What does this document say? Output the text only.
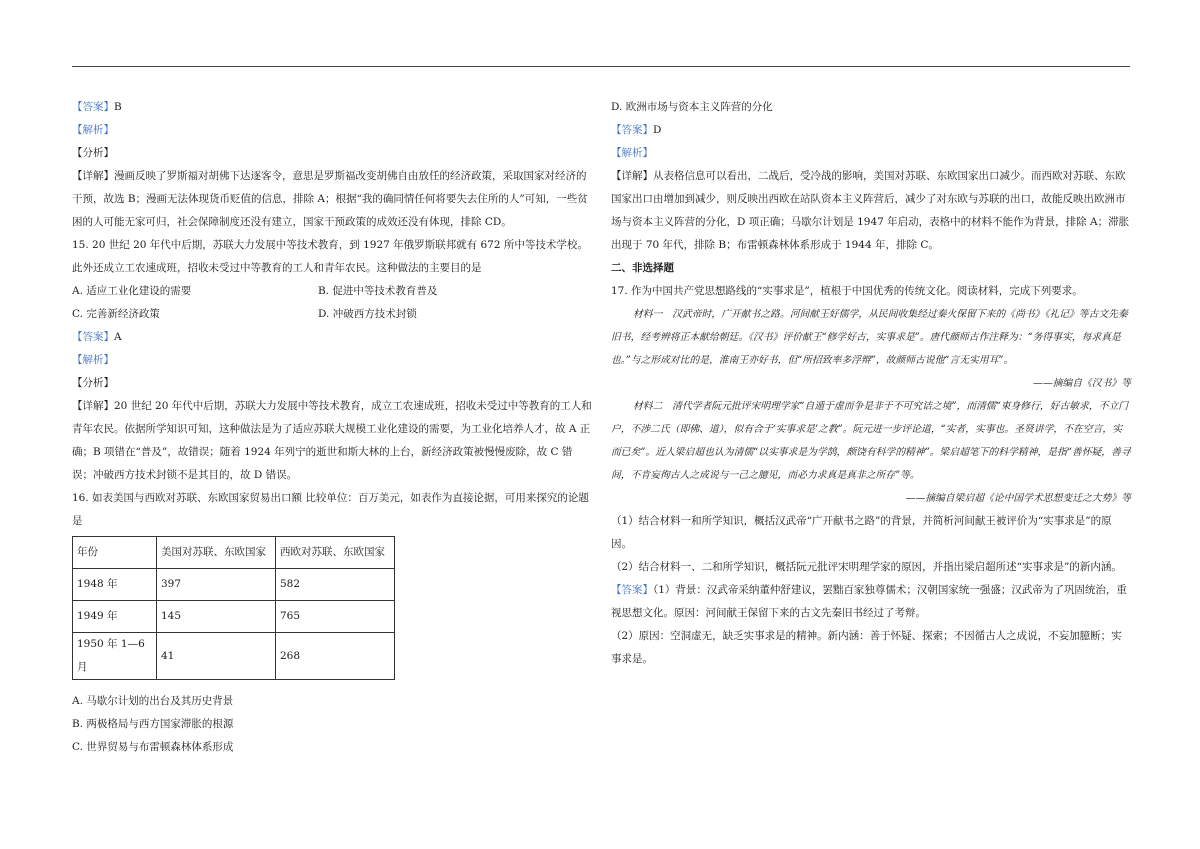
【答案】B

【解析】

【分析】

【详解】漫画反映了罗斯福对胡佛下达逐客令，意思是罗斯福改变胡佛自由放任的经济政策，采取国家对经济的干预，故选 B；漫画无法体现货币贬值的信息，排除 A；根据“我的确同情任何将要失去住所的人”可知，一些贫困的人可能无家可归，社会保障制度还没有建立，国家干预政策的成效还没有体现，排除 CD。

15. 20 世纪 20 年代中后期，苏联大力发展中等技术教育，到 1927 年俄罗斯联邦就有 672 所中等技术学校。此外还成立工农速成班，招收未受过中等教育的工人和青年农民。这种做法的主要目的是

A. 适应工业化建设的需要	B. 促进中等技术教育普及
C. 完善新经济政策	D. 冲破西方技术封锁

【答案】A

【解析】

【分析】

【详解】20 世纪 20 年代中后期，苏联大力发展中等技术教育，成立工农速成班，招收未受过中等教育的工人和青年农民。依据所学知识可知，这种做法是为了适应苏联大规模工业化建设的需要，为工业化培养人才，故 A 正确；B 项错在“普及”，故错误；随着 1924 年列宁的逝世和斯大林的上台，新经济政策被慢慢废除，故 C 错误；冲破西方技术封锁不是其目的，故 D 错误。

16. 如表美国与西欧对苏联、东欧国家贸易出口额 比较单位：百万美元，如表作为直接论据，可用来探究的论题是

年份	美国对苏联、东欧国家	西欧对苏联、东欧国家
1948 年	397	582
1949 年	145	765
1950 年 1—6 月	41	268

A. 马歇尔计划的出台及其历史背景

B. 两极格局与西方国家滞胀的根源

C. 世界贸易与布雷顿森林体系形成

D. 欧洲市场与资本主义阵营的分化

【答案】D

【解析】

【详解】从表格信息可以看出，二战后，受冷战的影响，美国对苏联、东欧国家出口减少。而西欧对苏联、东欧国家出口由增加到减少，则反映出西欧在站队资本主义阵营后，减少了对东欧与苏联的出口，故能反映出欧洲市场与资本主义阵营的分化，D 项正确；马歇尔计划是 1947 年启动，表格中的材料不能作为背景，排除 A；滞胀出现于 70 年代，排除 B；布雷顿森林体系形成于 1944 年，排除 C。

二、非选择题

17. 作为中国共产党思想路线的“实事求是”，植根于中国优秀的传统文化。阅读材料，完成下列要求。

材料一　汉武帝时，广开献书之路。河间献王好儒学，从民间收集经过秦火保留下来的《尚书》《礼记》等古文先秦旧书，经考辨将正本献给朝廷。《汉书》评价献王“修学好古，实事求是”。唐代颜师古作注释为：“务得事实，每求真是也。”与之形成对比的是，淮南王亦好书，但“所招致率多浮辩”，故颜师古说他“言无实用耳”。

——摘编自《汉书》等

材料二　清代学者阮元批评宋明理学家“自遁于虚而争是非于不可究诘之境”，而清儒“束身修行，好古敏求，不立门户，不涉二氏（即佛、道），似有合于‘实事求是’之教”。阮元进一步评论道，“实者，实事也。圣贤讲学，不在空言，实而已矣”。近人梁启超也认为清儒“以实事求是为学鹄，颇饶有科学的精神”。梁启超笔下的科学精神，是指“善怀疑，善寻间，不肯妄徇古人之成说与一己之臆见，而必力求真是真非之所存”等。

——摘编自梁启超《论中国学术思想变迁之大势》等

（1）结合材料一和所学知识，概括汉武帝“广开献书之路”的背景，并简析河间献王被评价为“实事求是”的原因。

（2）结合材料一、二和所学知识，概括阮元批评宋明理学家的原因，并指出梁启超所述“实事求是”的新内涵。

【答案】（1）背景：汉武帝采纳董仲舒建议，罢黜百家独尊儒术；汉朝国家统一强盛；汉武帝为了巩固统治，重视思想文化。原因：河间献王保留下来的古文先秦旧书经过了考辩。

（2）原因：空洞虚无，缺乏实事求是的精神。新内涵：善于怀疑、探索；不因循古人之成说，不妄加臆断；实事求是。
